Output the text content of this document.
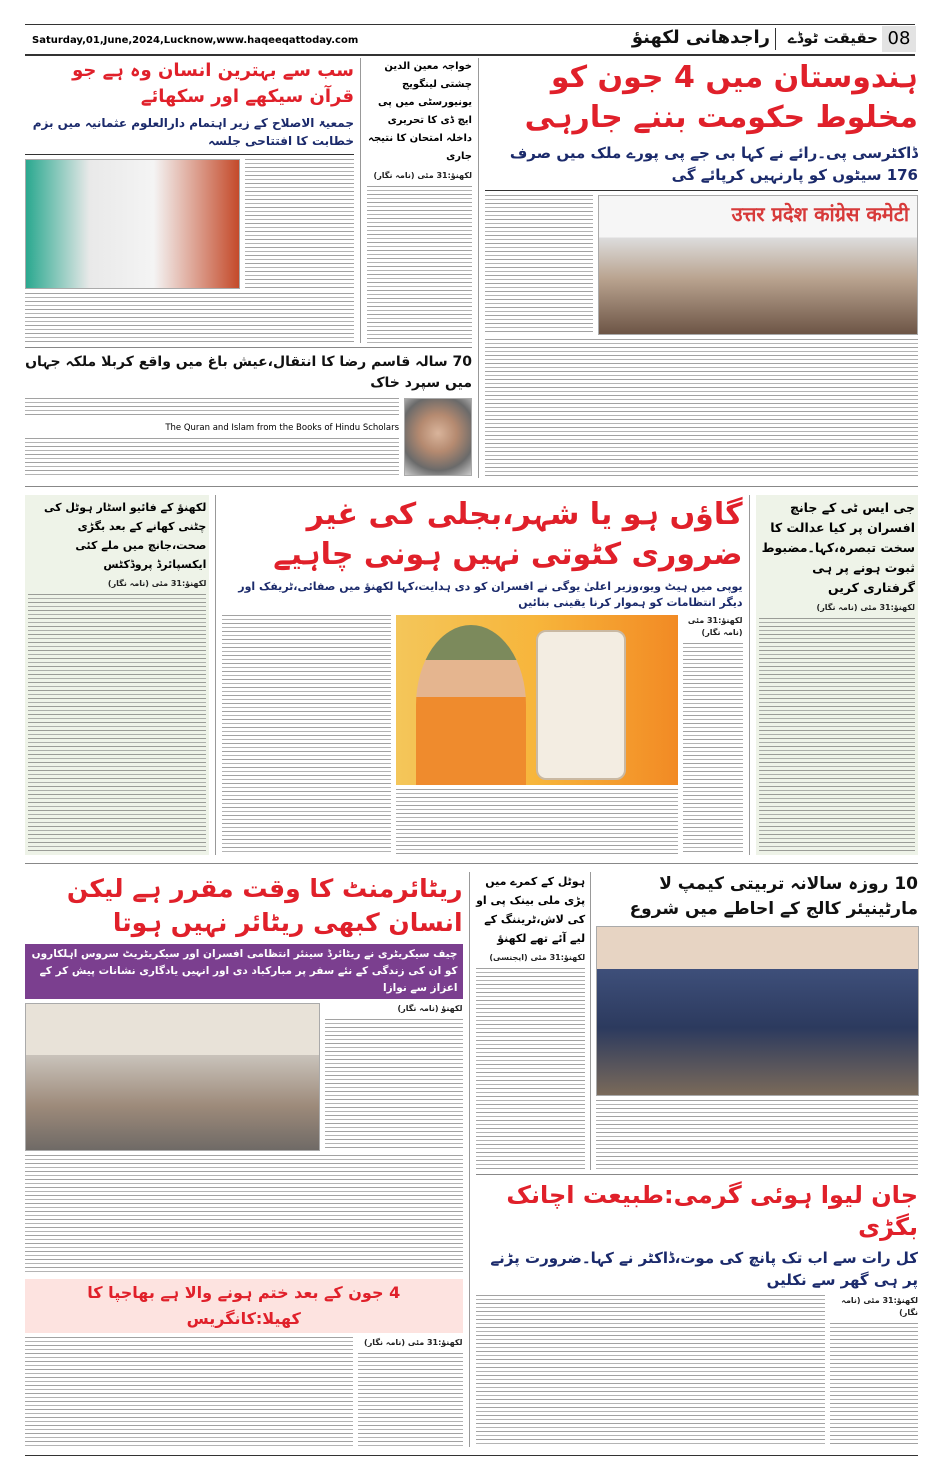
Saturday,01,June,2024,Lucknow,www.haqeeqattoday.com	راجدھانی لکھنؤ	حقیقت ٹوڈے 08
سب سے بہترین انسان وہ ہے جو قرآن سیکھے اور سکھائے
جمعیۃ الاصلاح کے زیر اہتمام دارالعلوم عثمانیہ میں بزم خطابت کا افتتاحی جلسہ
خواجہ معین الدین چشتی لینگویج یونیورسٹی میں پی ایچ ڈی کا تحریری داخلہ امتحان کا نتیجہ جاری
لکھنؤ:31 مئی (نامہ نگار)
70 سالہ قاسم رضا کا انتقال،عیش باغ میں واقع کربلا ملکہ جہاں میں سپرد خاک
The Quran and Islam from the Books of Hindu Scholars
ہندوستان میں 4 جون کو مخلوط حکومت بننے جارہی
ڈاکٹرسی پی۔رائے نے کہا بی جے پی پورے ملک میں صرف 176 سیٹوں کو پارنہیں کرپائے گی
उत्तर प्रदेश कांग्रेस कमेटी
لکھنؤ کے فائیو اسٹار ہوٹل کی چٹنی کھانے کے بعد بگڑی صحت،جانچ میں ملے کئی ایکسپائرڈ پروڈکٹس
لکھنؤ:31 مئی (نامہ نگار)
گاؤں ہو یا شہر،بجلی کی غیر ضروری کٹوتی نہیں ہونی چاہیے
یوپی میں ہیٹ ویو،وزیر اعلیٰ یوگی نے افسران کو دی ہدایت،کہا لکھنؤ میں صفائی،ٹریفک اور دیگر انتظامات کو ہموار کرنا یقینی بنائیں
لکھنؤ:31 مئی (نامہ نگار)
جی ایس ٹی کے جانچ افسران پر کیا عدالت کا سخت تبصرہ،کہا۔مضبوط ثبوت ہونے پر ہی گرفتاری کریں
لکھنؤ:31 مئی (نامہ نگار)
ریٹائرمنٹ کا وقت مقرر ہے لیکن انسان کبھی ریٹائر نہیں ہوتا
چیف سیکریٹری نے ریٹائرڈ سینئر انتظامی افسران اور سیکریٹریٹ سروس اہلکاروں کو ان کی زندگی کے نئے سفر پر مبارکباد دی اور انہیں یادگاری نشانات پیش کر کے اعزاز سے نوازا
لکھنؤ (نامہ نگار)
4 جون کے بعد ختم ہونے والا ہے بھاجپا کا کھیلا:کانگریس
لکھنؤ:31 مئی (نامہ نگار)
ہوٹل کے کمرے میں پڑی ملی بینک پی او کی لاش،ٹریننگ کے لیے آئے تھے لکھنؤ
لکھنؤ:31 مئی (ایجنسی)
10 روزہ سالانہ تربیتی کیمپ لا مارٹینیئر کالج کے احاطے میں شروع
جان لیوا ہوئی گرمی:طبیعت اچانک بگڑی
کل رات سے اب تک پانچ کی موت،ڈاکٹر نے کہا۔ضرورت پڑنے پر ہی گھر سے نکلیں
لکھنؤ:31 مئی (نامہ نگار)
